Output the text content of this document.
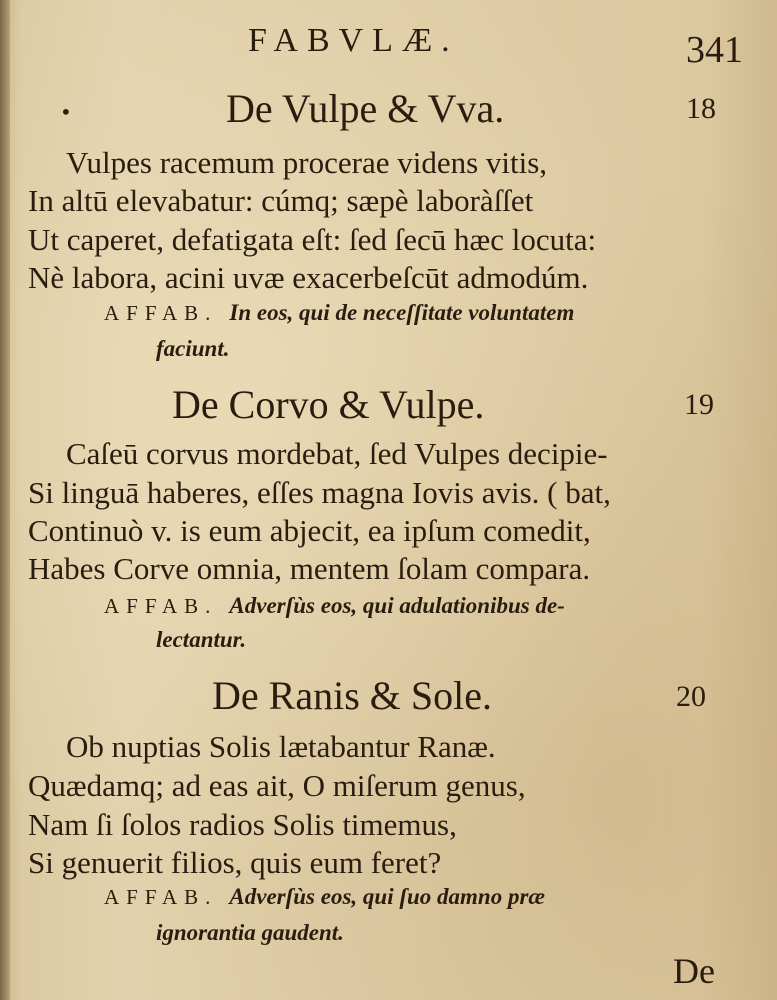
FABVLÆ.	341
•	De Vulpe & Vva.	18
Vulpes racemum procerae videns vitis,
In altū elevabatur: cúmq; sæpè laboràſſet
Ut caperet, defatigata eſt: ſed ſecū hæc locuta:
Nè labora, acini uvæ exacerbeſcūt admodúm.
AFFAB. In eos, qui de neceſſitate voluntatem
faciunt.
De Corvo & Vulpe.	19
Caſeū corvus mordebat, ſed Vulpes decipie-
Si linguā haberes, eſſes magna Iovis avis. ( bat,
Continuò v. is eum abjecit, ea ipſum comedit,
Habes Corve omnia, mentem ſolam compara.
AFFAB. Adverſùs eos, qui adulationibus de-
lectantur.
De Ranis & Sole.	20
Ob nuptias Solis lætabantur Ranæ.
Quædamq; ad eas ait, O miſerum genus,
Nam ſi ſolos radios Solis timemus,
Si genuerit filios, quis eum feret?
AFFAB. Adverſùs eos, qui ſuo damno præ
ignorantia gaudent.
De
